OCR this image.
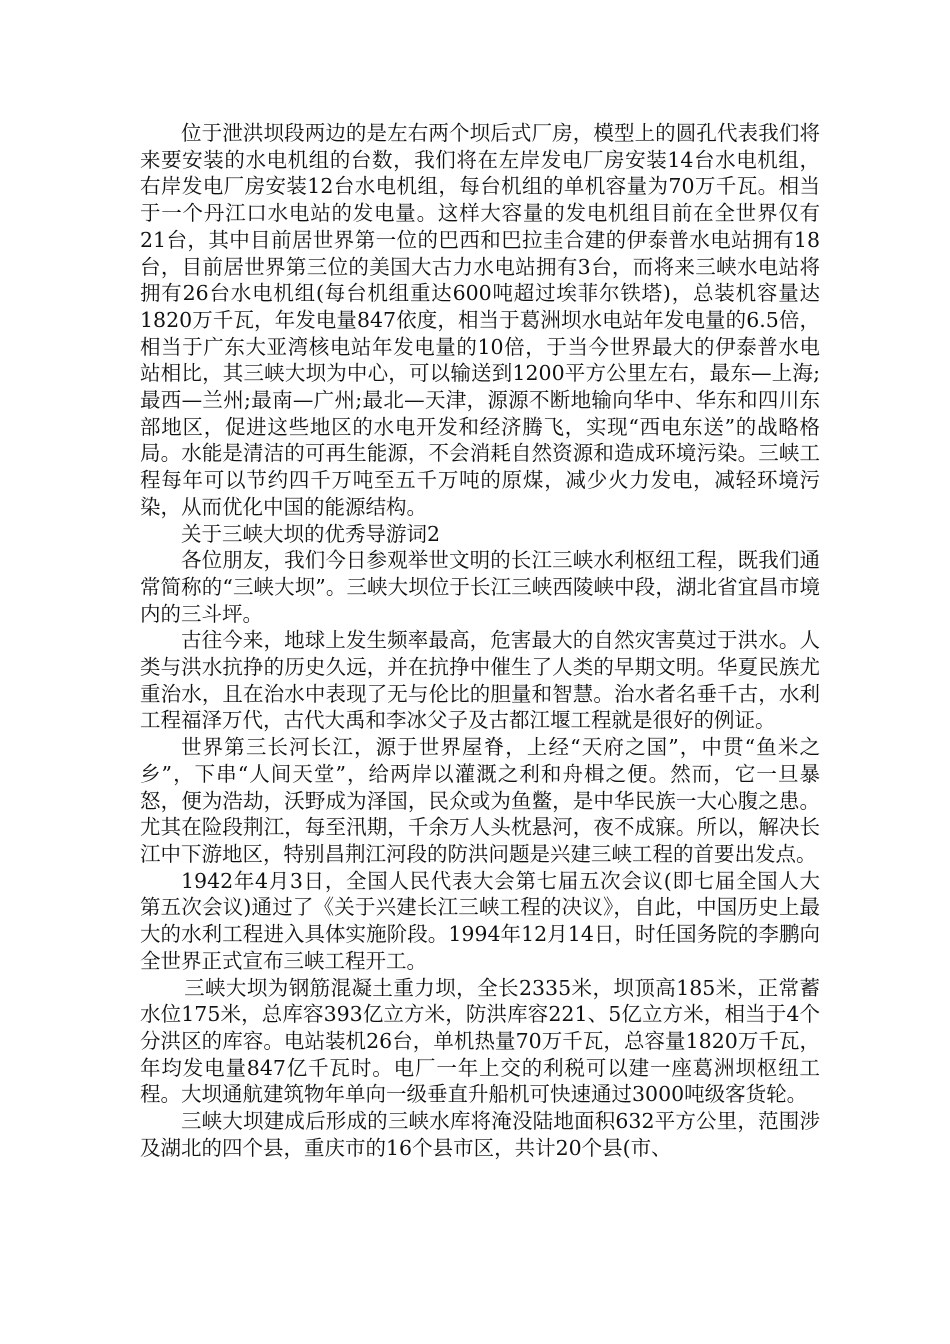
位于泄洪坝段两边的是左右两个坝后式厂房，模型上的圆孔代表我们将来要安装的水电机组的台数，我们将在左岸发电厂房安装14台水电机组，右岸发电厂房安装12台水电机组，每台机组的单机容量为70万千瓦。相当于一个丹江口水电站的发电量。这样大容量的发电机组目前在全世界仅有21台，其中目前居世界第一位的巴西和巴拉圭合建的伊泰普水电站拥有18台，目前居世界第三位的美国大古力水电站拥有3台，而将来三峡水电站将拥有26台水电机组(每台机组重达600吨超过埃菲尔铁塔)，总装机容量达1820万千瓦，年发电量847依度，相当于葛洲坝水电站年发电量的6.5倍，相当于广东大亚湾核电站年发电量的10倍，于当今世界最大的伊泰普水电站相比，其三峡大坝为中心，可以输送到1200平方公里左右，最东—上海;最西—兰州;最南—广州;最北—天津，源源不断地输向华中、华东和四川东部地区，促进这些地区的水电开发和经济腾飞，实现“西电东送”的战略格局。水能是清洁的可再生能源，不会消耗自然资源和造成环境污染。三峡工程每年可以节约四千万吨至五千万吨的原煤，减少火力发电，减轻环境污染，从而优化中国的能源结构。

关于三峡大坝的优秀导游词2

各位朋友，我们今日参观举世文明的长江三峡水利枢纽工程，既我们通常简称的“三峡大坝”。三峡大坝位于长江三峡西陵峡中段，湖北省宜昌市境内的三斗坪。

古往今来，地球上发生频率最高，危害最大的自然灾害莫过于洪水。人类与洪水抗挣的历史久远，并在抗挣中催生了人类的早期文明。华夏民族尤重治水，且在治水中表现了无与伦比的胆量和智慧。治水者名垂千古，水利工程福泽万代，古代大禹和李冰父子及古都江堰工程就是很好的例证。

世界第三长河长江，源于世界屋脊，上经“天府之国”，中贯“鱼米之乡”，下串“人间天堂”，给两岸以灌溉之利和舟楫之便。然而，它一旦暴怒，便为浩劫，沃野成为泽国，民众或为鱼鳖，是中华民族一大心腹之患。尤其在险段荆江，每至汛期，千余万人头枕悬河，夜不成寐。所以，解决长江中下游地区，特别昌荆江河段的防洪问题是兴建三峡工程的首要出发点。

1942年4月3日，全国人民代表大会第七届五次会议(即七届全国人大第五次会议)通过了《关于兴建长江三峡工程的决议》，自此，中国历史上最大的水利工程进入具体实施阶段。1994年12月14日，时任国务院的李鹏向全世界正式宣布三峡工程开工。

三峡大坝为钢筋混凝土重力坝，全长2335米，坝顶高185米，正常蓄水位175米，总库容393亿立方米，防洪库容221、5亿立方米，相当于4个分洪区的库容。电站装机26台，单机热量70万千瓦，总容量1820万千瓦，年均发电量847亿千瓦时。电厂一年上交的利税可以建一座葛洲坝枢纽工程。大坝通航建筑物年单向一级垂直升船机可快速通过3000吨级客货轮。

三峡大坝建成后形成的三峡水库将淹没陆地面积632平方公里，范围涉及湖北的四个县，重庆市的16个县市区，共计20个县(市、
